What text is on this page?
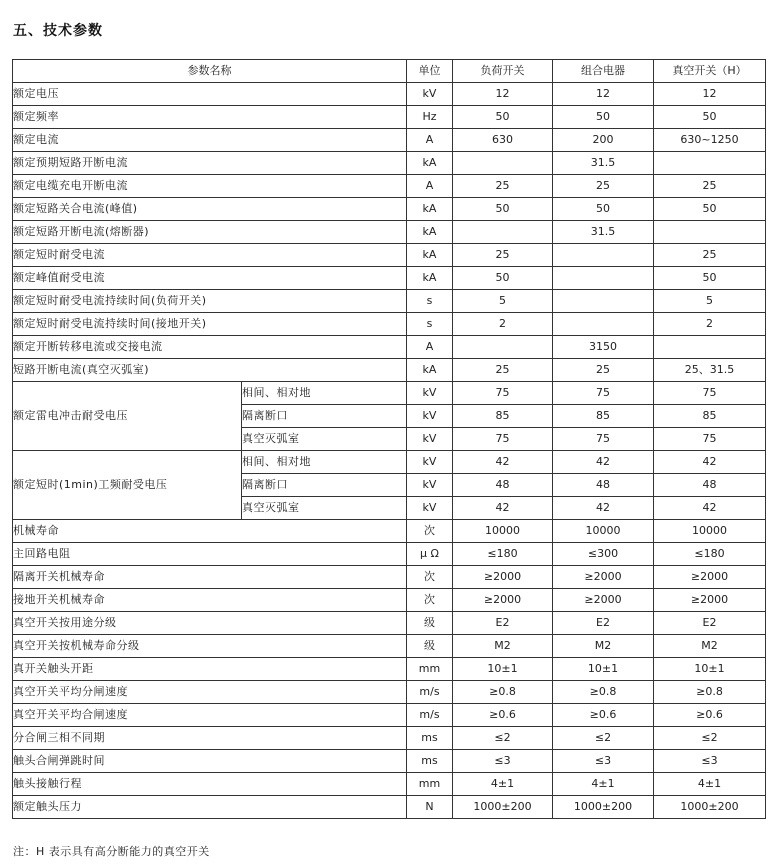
五、技术参数
参数名称		单位	负荷开关	组合电器	真空开关（H）
额定电压		kV	12	12	12
额定频率		Hz	50	50	50
额定电流		A	630	200	630~1250
额定预期短路开断电流		kA		31.5	
额定电缆充电开断电流		A	25	25	25
额定短路关合电流(峰值)		kA	50	50	50
额定短路开断电流(熔断器)		kA		31.5	
额定短时耐受电流		kA	25		25
额定峰值耐受电流		kA	50		50
额定短时耐受电流持续时间(负荷开关)		s	5		5
额定短时耐受电流持续时间(接地开关)		s	2		2
额定开断转移电流或交接电流		A		3150	
短路开断电流(真空灭弧室)		kA	25	25	25、31.5
额定雷电冲击耐受电压	相间、相对地	kV	75	75	75
	隔离断口	kV	85	85	85
	真空灭弧室	kV	75	75	75
额定短时(1min)工频耐受电压	相间、相对地	kV	42	42	42
	隔离断口	kV	48	48	48
	真空灭弧室	kV	42	42	42
机械寿命		次	10000	10000	10000
主回路电阻		μ Ω	≤180	≤300	≤180
隔离开关机械寿命		次	≥2000	≥2000	≥2000
接地开关机械寿命		次	≥2000	≥2000	≥2000
真空开关按用途分级		级	E2	E2	E2
真空开关按机械寿命分级		级	M2	M2	M2
真开关触头开距		mm	10±1	10±1	10±1
真空开关平均分闸速度		m/s	≥0.8	≥0.8	≥0.8
真空开关平均合闸速度		m/s	≥0.6	≥0.6	≥0.6
分合闸三相不同期		ms	≤2	≤2	≤2
触头合闸弹跳时间		ms	≤3	≤3	≤3
触头接触行程		mm	4±1	4±1	4±1
额定触头压力		N	1000±200	1000±200	1000±200
注：H 表示具有高分断能力的真空开关
